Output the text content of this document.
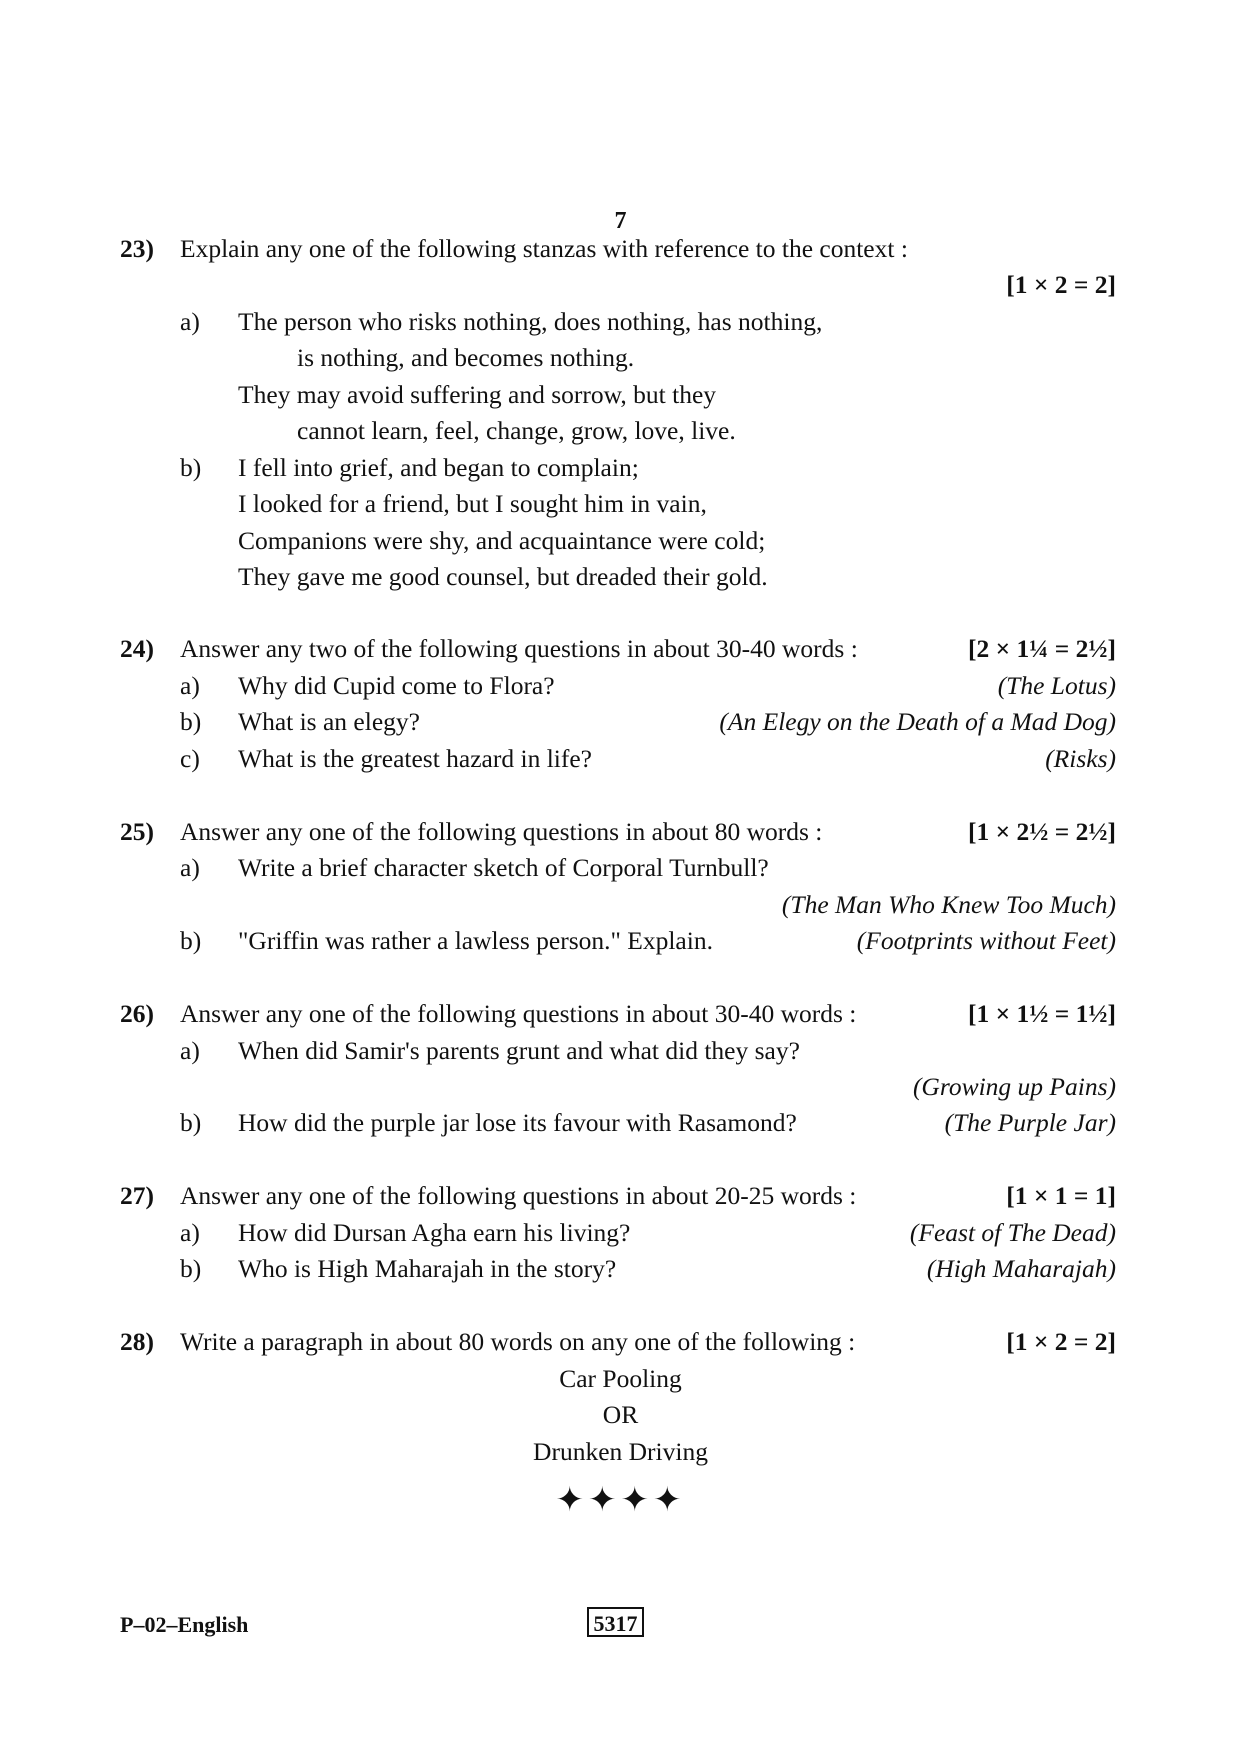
7
23) Explain any one of the following stanzas with reference to the context :
[1 × 2 = 2]
a) The person who risks nothing, does nothing, has nothing,
is nothing, and becomes nothing.
They may avoid suffering and sorrow, but they
cannot learn, feel, change, grow, love, live.
b) I fell into grief, and began to complain;
I looked for a friend, but I sought him in vain,
Companions were shy, and acquaintance were cold;
They gave me good counsel, but dreaded their gold.
24) Answer any two of the following questions in about 30-40 words :	[2 × 1¼ = 2½]
a) Why did Cupid come to Flora?	(The Lotus)
b) What is an elegy?	(An Elegy on the Death of a Mad Dog)
c) What is the greatest hazard in life?	(Risks)
25) Answer any one of the following questions in about 80 words :	[1 × 2½ = 2½]
a) Write a brief character sketch of Corporal Turnbull?
(The Man Who Knew Too Much)
b) "Griffin was rather a lawless person." Explain.	(Footprints without Feet)
26) Answer any one of the following questions in about 30-40 words :	[1 × 1½ = 1½]
a) When did Samir's parents grunt and what did they say?
(Growing up Pains)
b) How did the purple jar lose its favour with Rasamond?	(The Purple Jar)
27) Answer any one of the following questions in about 20-25 words :	[1 × 1 = 1]
a) How did Dursan Agha earn his living?	(Feast of The Dead)
b) Who is High Maharajah in the story?	(High Maharajah)
28) Write a paragraph in about 80 words on any one of the following :	[1 × 2 = 2]
Car Pooling
OR
Drunken Driving
✦✦✦✦
P–02–English	5317
